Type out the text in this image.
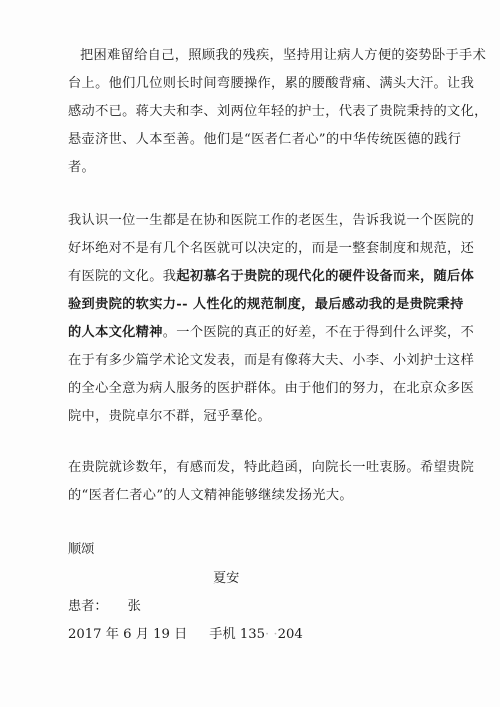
把困难留给自己，照顾我的残疾，坚持用让病人方便的姿势卧于手术

台上。他们几位则长时间弯腰操作，累的腰酸背痛、满头大汗。让我

感动不已。蒋大夫和李、刘两位年轻的护士，代表了贵院秉持的文化，

悬壶济世、人本至善。他们是“医者仁者心”的中华传统医德的践行

者。

我认识一位一生都是在协和医院工作的老医生，告诉我说一个医院的

好坏绝对不是有几个名医就可以决定的，而是一整套制度和规范，还

有医院的文化。我起初慕名于贵院的现代化的硬件设备而来，随后体

验到贵院的软实力-- 人性化的规范制度，最后感动我的是贵院秉持

的人本文化精神。一个医院的真正的好差，不在于得到什么评奖，不

在于有多少篇学术论文发表，而是有像蒋大夫、小李、小刘护士这样

的全心全意为病人服务的医护群体。由于他们的努力，在北京众多医

院中，贵院卓尔不群，冠乎羣伦。

在贵院就诊数年，有感而发，特此趋函，向院长一吐衷肠。希望贵院

的“医者仁者心”的人文精神能够继续发扬光大。

顺颂
夏安
患者： 张
2017 年 6 月 19 日 手机 135· ·204
